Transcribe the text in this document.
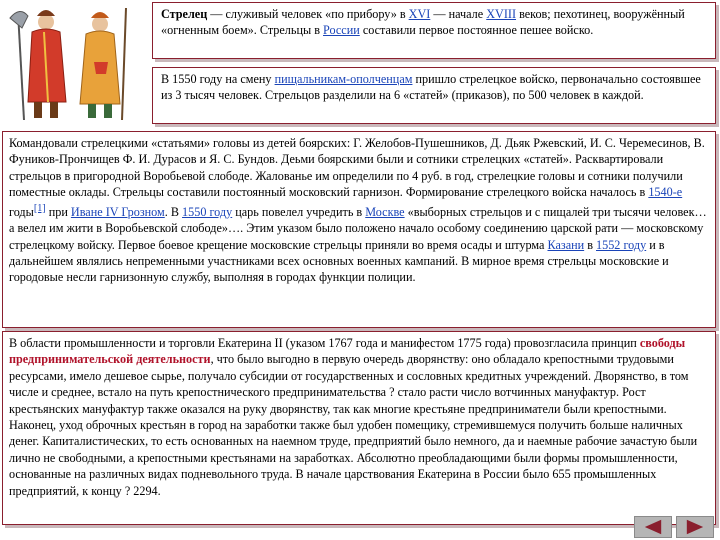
Стрелец — служивый человек «по прибору» в XVI — начале XVIII веков; пехотинец, вооружённый «огненным боем». Стрельцы в России составили первое постоянное пешее войско.

В 1550 году на смену пищальникам-ополченцам пришло стрелецкое войско, первоначально состоявшее из 3 тысяч человек. Стрельцов разделили на 6 «статей» (приказов), по 500 человек в каждой.

Командовали стрелецкими «статьями» головы из детей боярских: Г. Желобов-Пушешников, Д. Дьяк Ржевский, И. С. Черемесинов, В. Фуников-Прончищев Ф. И. Дурасов и Я. С. Бундов. Деьми боярскими были и сотники стрелецких «статей». Расквартировали стрельцов в пригородной Воробьевой слободе. Жалованье им определили по 4 руб. в год, стрелецкие головы и сотники получили поместные оклады. Стрельцы составили постоянный московский гарнизон. Формирование стрелецкого войска началось в 1540-е годы[1] при Иване IV Грозном. В 1550 году царь повелел учредить в Москве «выборных стрельцов и с пищалей три тысячи человек… а велел им жити в Воробьевской слободе»…. Этим указом было положено начало особому соединению царской рати — московскому стрелецкому войску. Первое боевое крещение московские стрельцы приняли во время осады и штурма Казани в 1552 году и в дальнейшем являлись непременными участниками всех основных военных кампаний. В мирное время стрельцы московские и городовые несли гарнизонную службу, выполняя в городах функции полиции.

В области промышленности и торговли Екатерина II (указом 1767 года и манифестом 1775 года) провозгласила принцип свободы предпринимательской деятельности, что было выгодно в первую очередь дворянству: оно обладало крепостными трудовыми ресурсами, имело дешевое сырье, получало субсидии от государственных и сословных кредитных учреждений. Дворянство, в том числе и среднее, встало на путь крепостнического предпринимательства ? стало расти число вотчинных мануфактур. Рост крестьянских мануфактур также оказался на руку дворянству, так как многие крестьяне предприниматели были крепостными. Наконец, уход оброчных крестьян в город на заработки также был удобен помещику, стремившемуся получить больше наличных денег. Капиталистических, то есть основанных на наемном труде, предприятий было немного, да и наемные рабочие зачастую были лично не свободными, а крепостными крестьянами на заработках. Абсолютно преобладающими были формы промышленности, основанные на различных видах подневольного труда. В начале царствования Екатерина в России было 655 промышленных предприятий, к концу ? 2294.
